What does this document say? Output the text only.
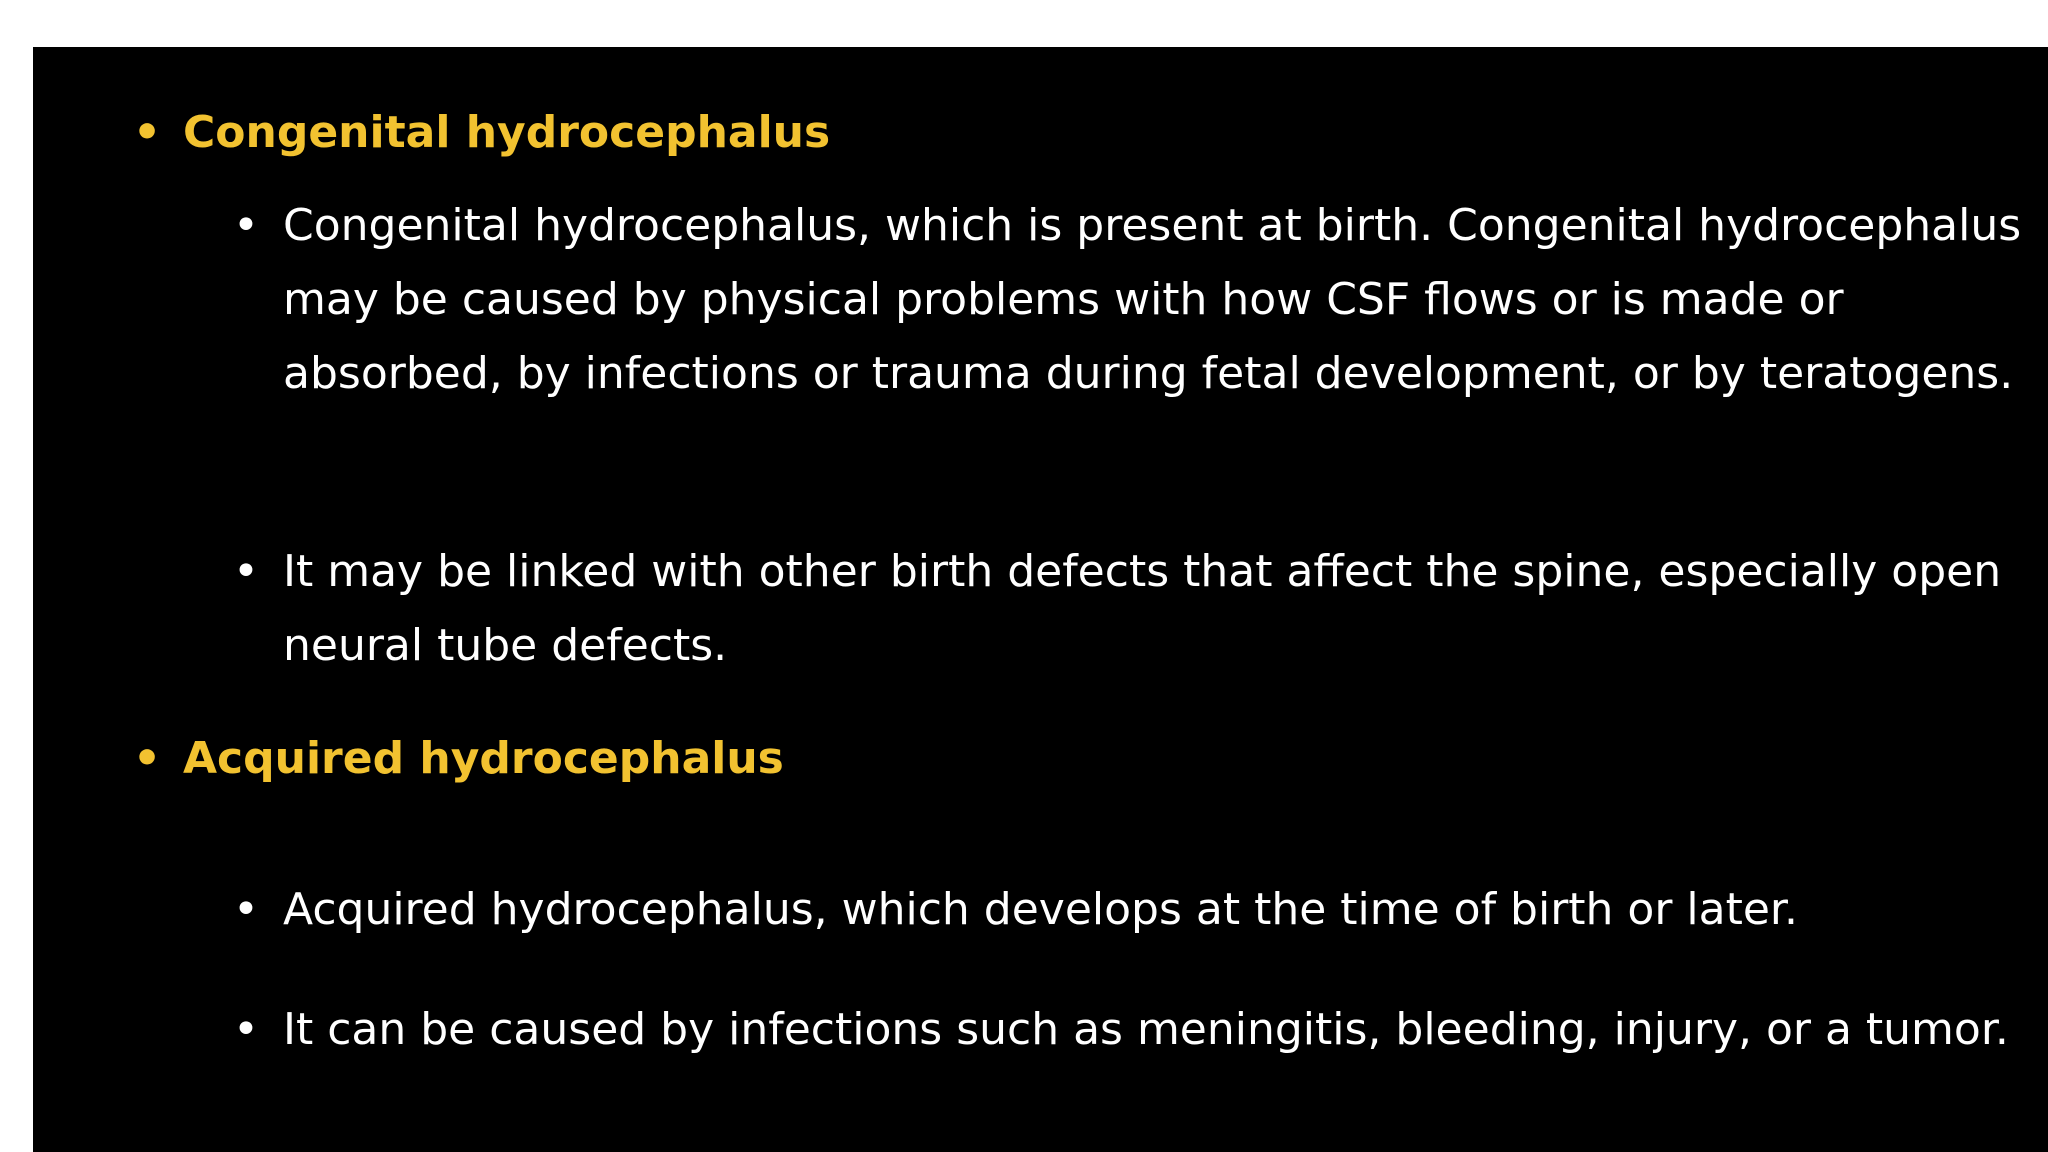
• Congenital hydrocephalus

• Congenital hydrocephalus, which is present at birth. Congenital hydrocephalus may be caused by physical problems with how CSF flows or is made or absorbed, by infections or trauma during fetal development, or by teratogens.

• It may be linked with other birth defects that affect the spine, especially open neural tube defects.

• Acquired hydrocephalus

• Acquired hydrocephalus, which develops at the time of birth or later.

• It can be caused by infections such as meningitis, bleeding, injury, or a tumor.
